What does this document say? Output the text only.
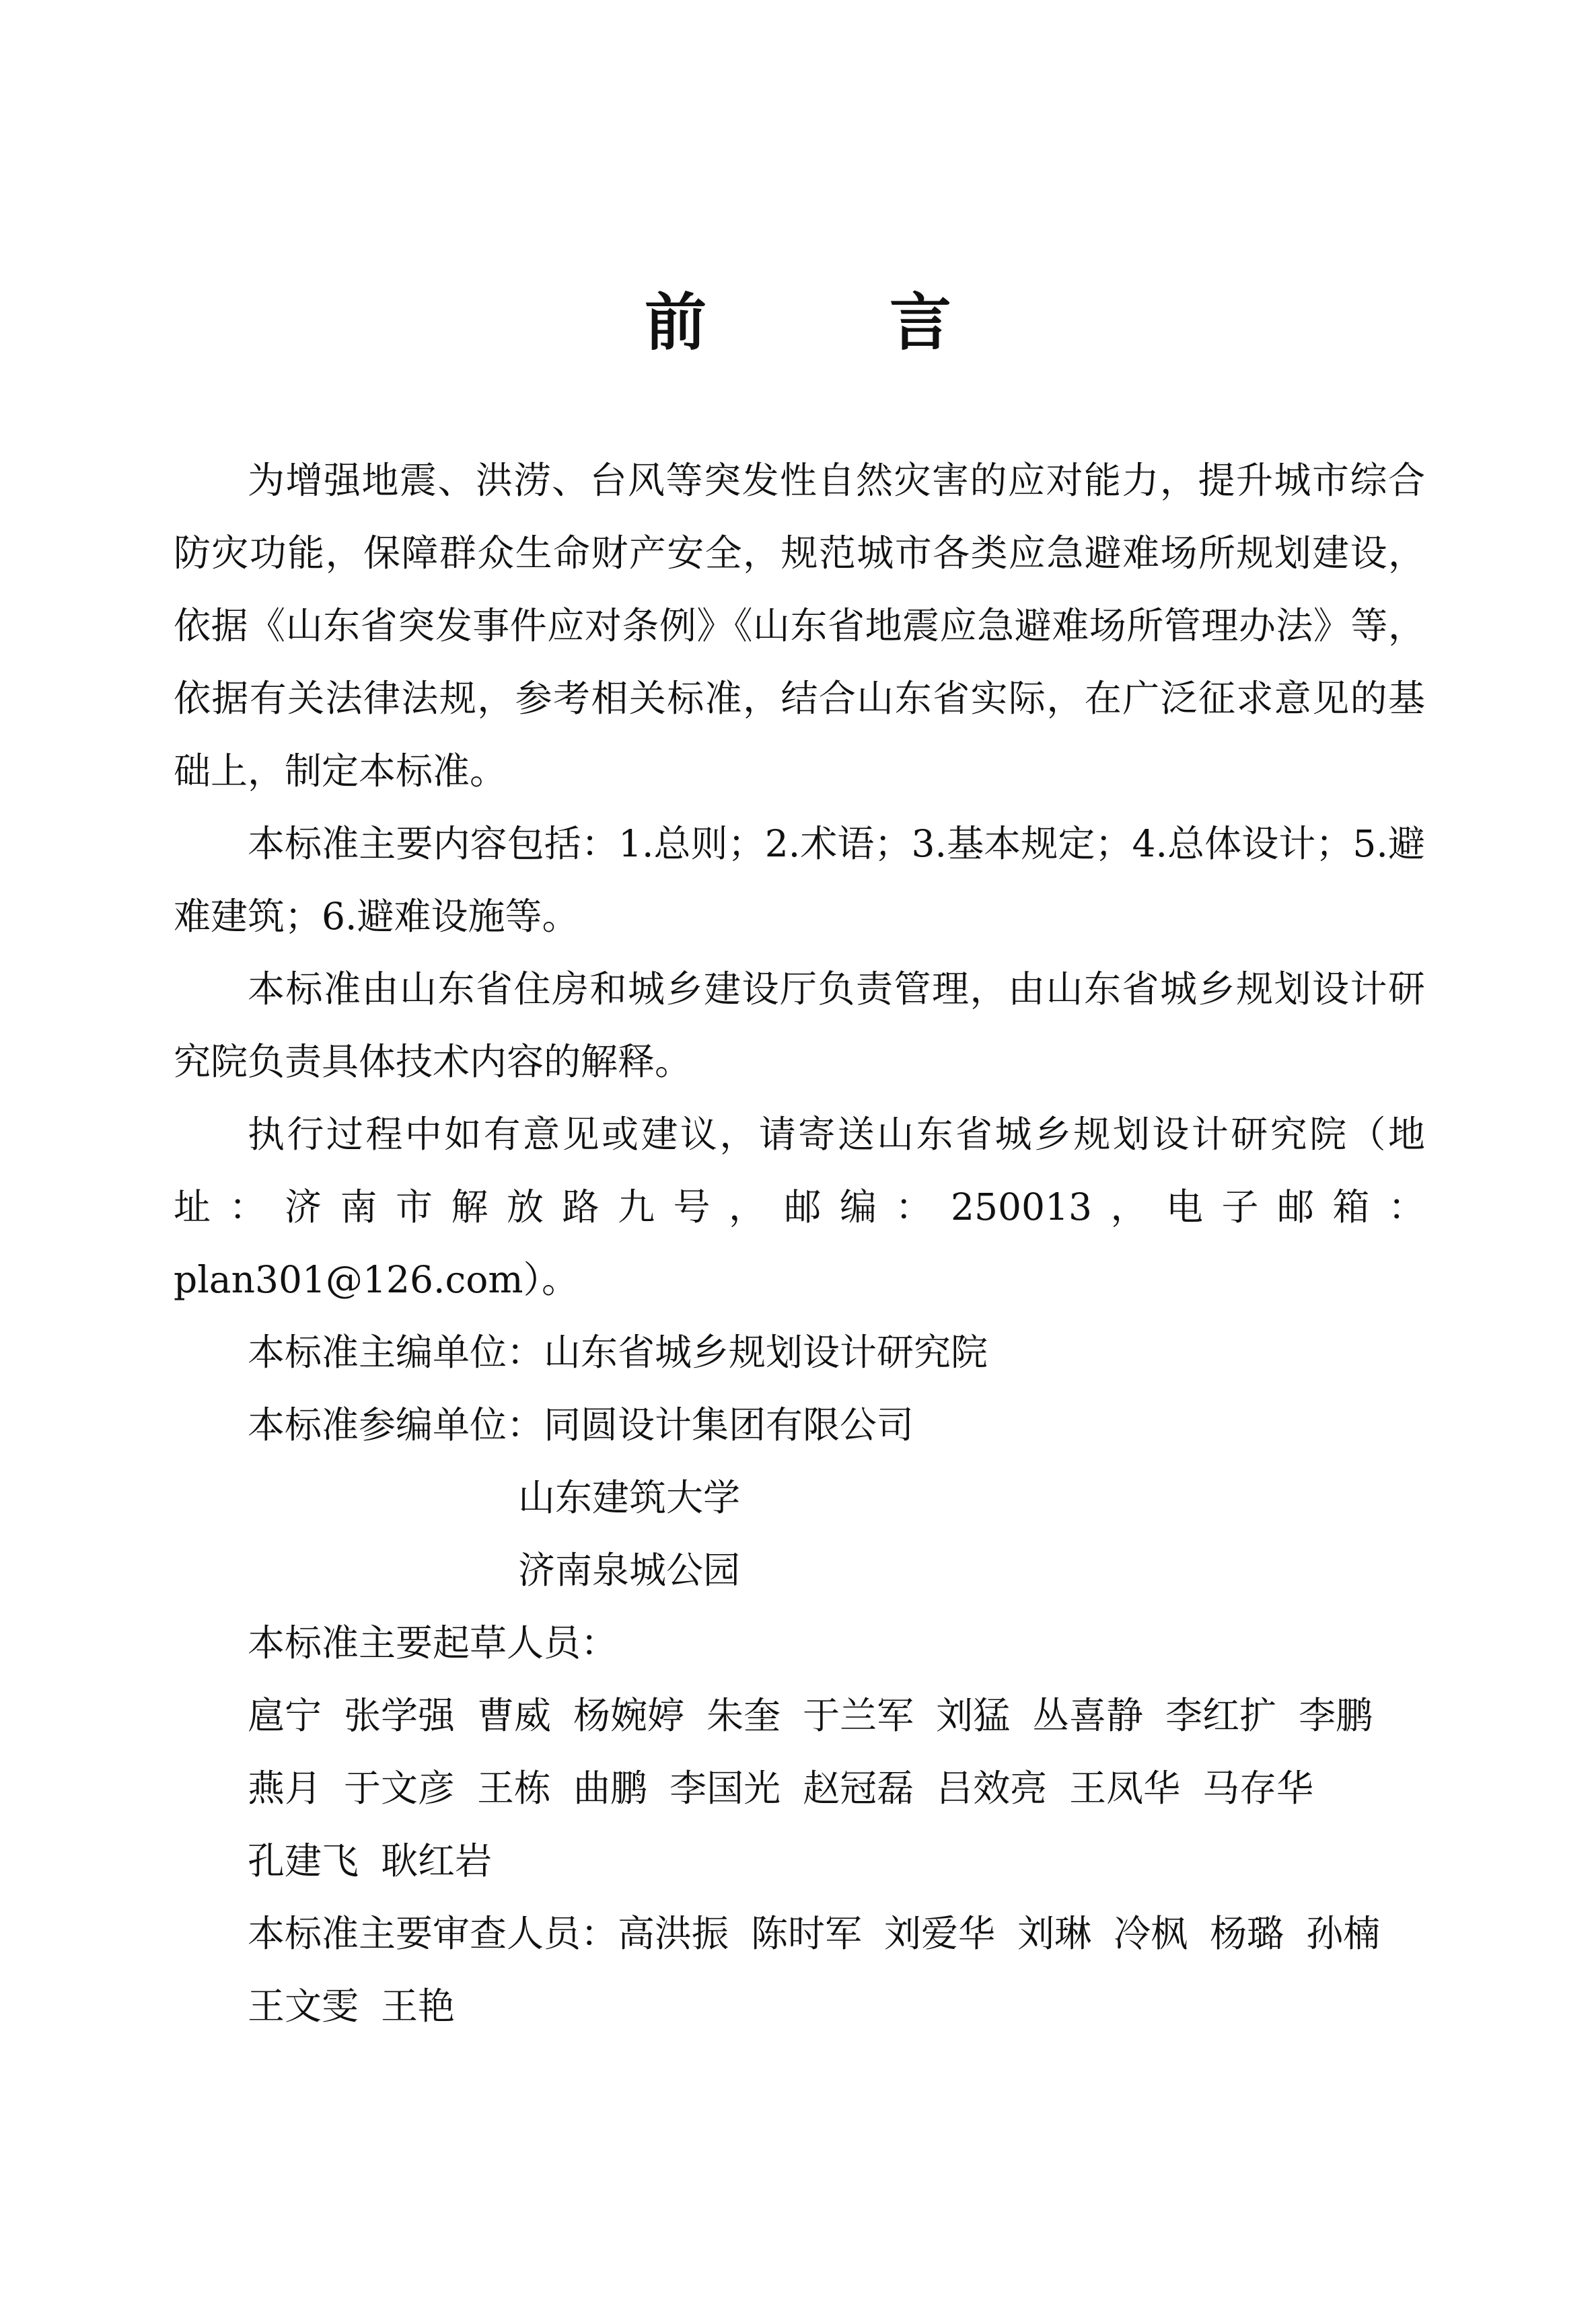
前 言

为增强地震、洪涝、台风等突发性自然灾害的应对能力，提升城市综合防灾功能，保障群众生命财产安全，规范城市各类应急避难场所规划建设，依据《山东省突发事件应对条例》《山东省地震应急避难场所管理办法》等，依据有关法律法规，参考相关标准，结合山东省实际，在广泛征求意见的基础上，制定本标准。

本标准主要内容包括：1.总则；2.术语；3.基本规定；4.总体设计；5.避难建筑；6.避难设施等。

本标准由山东省住房和城乡建设厅负责管理，由山东省城乡规划设计研究院负责具体技术内容的解释。

执行过程中如有意见或建议，请寄送山东省城乡规划设计研究院（地址：济南市解放路九号，邮编：250013，电子邮箱：plan301@126.com）。

本标准主编单位： 山东省城乡规划设计研究院
本标准参编单位： 同圆设计集团有限公司
山东建筑大学
济南泉城公园
本标准主要起草人员：
扈宁 张学强 曹威 杨婉婷 朱奎 于兰军 刘猛 丛喜静 李红扩 李鹏
燕月 于文彦 王栋 曲鹏 李国光 赵冠磊 吕效亮 王凤华 马存华
孔建飞 耿红岩
本标准主要审查人员： 高洪振 陈时军 刘爱华 刘琳 冷枫 杨璐 孙楠
王文雯 王艳
